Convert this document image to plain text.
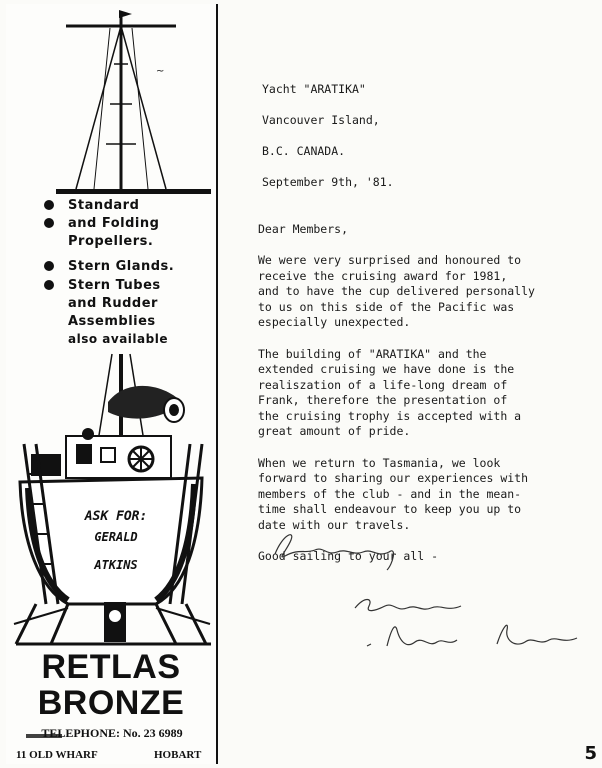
~
Standard
and Folding
Propellers.
Stern Glands.
Stern Tubes
and Rudder
Assemblies
also available
ASK FOR:
GERALD
ATKINS
RETLAS
BRONZE
TELEPHONE: No. 23 6989
11 OLD WHARF	HOBART

Yacht "ARATIKA"

Vancouver Island,

B.C. CANADA.

September 9th, '81.

Dear Members,

We were very surprised and honoured to
receive the cruising award for 1981,
and to have the cup delivered personally
to us on this side of the Pacific was
especially unexpected.

The building of "ARATIKA" and the
extended cruising we have done is the
realiszation of a life-long dream of
Frank, therefore the presentation of
the cruising trophy is accepted with a
great amount of pride.

When we return to Tasmania, we look
forward to sharing our experiences with
members of the club - and in the mean-
time shall endeavour to keep you up to
date with our travels.

Good sailing to your all -

5
